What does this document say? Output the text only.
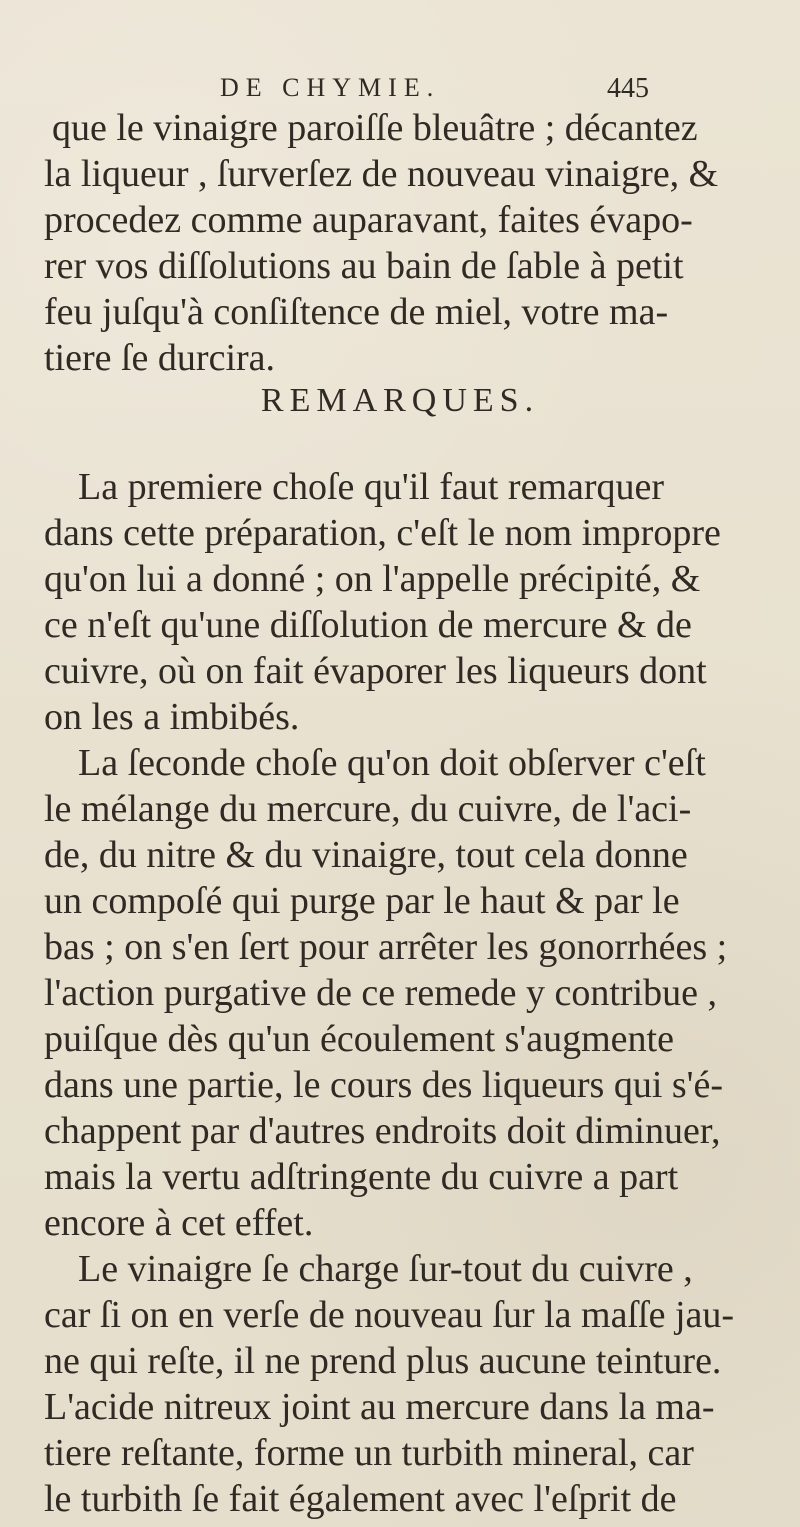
DE CHYMIE.	445
que le vinaigre paroiſſe bleuâtre ; décantez
la liqueur , ſurverſez de nouveau vinaigre, &
procedez comme auparavant, faites évapo-
rer vos diſſolutions au bain de ſable à petit
feu juſqu'à conſiſtence de miel, votre ma-
tiere ſe durcira.
REMARQUES.
La premiere choſe qu'il faut remarquer
dans cette préparation, c'eſt le nom impropre
qu'on lui a donné ; on l'appelle précipité, &
ce n'eſt qu'une diſſolution de mercure & de
cuivre, où on fait évaporer les liqueurs dont
on les a imbibés.
La ſeconde choſe qu'on doit obſerver c'eſt
le mélange du mercure, du cuivre, de l'aci-
de, du nitre & du vinaigre, tout cela donne
un compoſé qui purge par le haut & par le
bas ; on s'en ſert pour arrêter les gonorrhées ;
l'action purgative de ce remede y contribue ,
puiſque dès qu'un écoulement s'augmente
dans une partie, le cours des liqueurs qui s'é-
chappent par d'autres endroits doit diminuer,
mais la vertu adſtringente du cuivre a part
encore à cet effet.
Le vinaigre ſe charge ſur-tout du cuivre ,
car ſi on en verſe de nouveau ſur la maſſe jau-
ne qui reſte, il ne prend plus aucune teinture.
L'acide nitreux joint au mercure dans la ma-
tiere reſtante, forme un turbith mineral, car
le turbith ſe fait également avec l'eſprit de
